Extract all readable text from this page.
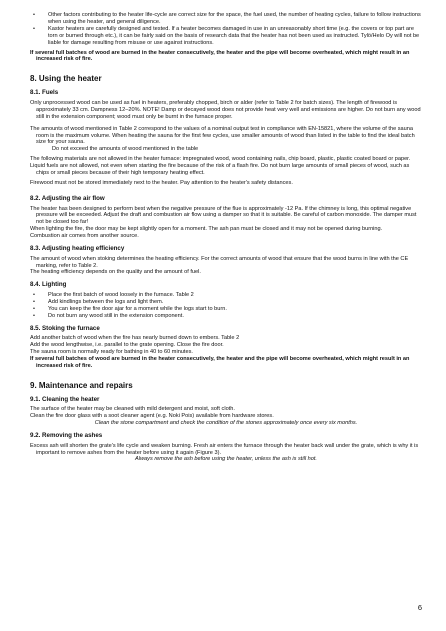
• Other factors contributing to the heater life-cycle are correct size for the space, the fuel used, the number of heating cycles, failure to follow instructions when using the heater, and general diligence.
• Kastor heaters are carefully designed and tested. If a heater becomes damaged in use in an unreasonably short time (e.g. the covers or top part are torn or burned through etc.), it can be fairly said on the basis of research data that the heater has not been used as instructed. Tylö/Helo Oy will not be liable for damage resulting from misuse or use against instructions.

If several full batches of wood are burned in the heater consecutively, the heater and the pipe will become overheated, which might result in an increased risk of fire.

8. Using the heater
8.1. Fuels

Only unprocessed wood can be used as fuel in heaters, preferably chopped, birch or alder (refer to Table 2 for batch sizes). The length of firewood is approximately 33 cm. Dampness 12–20%. NOTE! Damp or decayed wood does not provide heat very well and emissions are higher. Do not burn any wood still in the extension component; wood must only be burnt in the furnace proper.

The amounts of wood mentioned in Table 2 correspond to the values of a nominal output test in compliance with EN-15821, where the volume of the sauna room is the maximum volume. When heating the sauna for the first few cycles, use smaller amounts of wood than listed in the table to find the ideal batch size for your sauna.

Do not exceed the amounts of wood mentioned in the table

The following materials are not allowed in the heater furnace: impregnated wood, wood containing nails, chip board, plastic, plastic coated board or paper.

Liquid fuels are not allowed, not even when starting the fire because of the risk of a flash fire. Do not burn large amounts of small pieces of wood, such as chips or small pieces because of their high temporary heating effect.

Firewood must not be stored immediately next to the heater. Pay attention to the heater's safety distances.

8.2. Adjusting the air flow

The heater has been designed to perform best when the negative pressure of the flue is approximately -12 Pa. If the chimney is long, this optimal negative pressure will be exceeded. Adjust the draft and combustion air flow using a damper so that it is suitable. Be careful of carbon monoxide. The damper must not be closed too far!

When lighting the fire, the door may be kept slightly open for a moment. The ash pan must be closed and it may not be opened during burning.

Combustion air comes from another source.

8.3. Adjusting heating efficiency

The amount of wood when stoking determines the heating efficiency. For the correct amounts of wood that ensure that the wood burns in line with the CE marking, refer to Table 2.

The heating efficiency depends on the quality and the amount of fuel.

8.4. Lighting
• Place the first batch of wood loosely in the furnace. Table 2
• Add kindlings between the logs and light them.
• You can keep the fire door ajar for a moment while the logs start to burn.
• Do not burn any wood still in the extension component.
8.5. Stoking the furnace

Add another batch of wood when the fire has nearly burned down to embers. Table 2

Add the wood lengthwise, i.e. parallel to the grate opening. Close the fire door.

The sauna room is normally ready for bathing in 40 to 60 minutes.

If several full batches of wood are burned in the heater consecutively, the heater and the pipe will become overheated, which might result in an increased risk of fire.

9. Maintenance and repairs
9.1. Cleaning the heater

The surface of the heater may be cleaned with mild detergent and moist, soft cloth.

Clean the fire door glass with a soot cleaner agent (e.g. Noki Pois) available from hardware stores.

Clean the stone compartment and check the condition of the stones approximately once every six months.

9.2. Removing the ashes

Excess ash will shorten the grate's life cycle and weaken burning. Fresh air enters the furnace through the heater back wall under the grate, which is why it is important to remove ashes from the heater before using it again (Figure 3).

Always remove the ash before using the heater, unless the ash is still hot.

6
